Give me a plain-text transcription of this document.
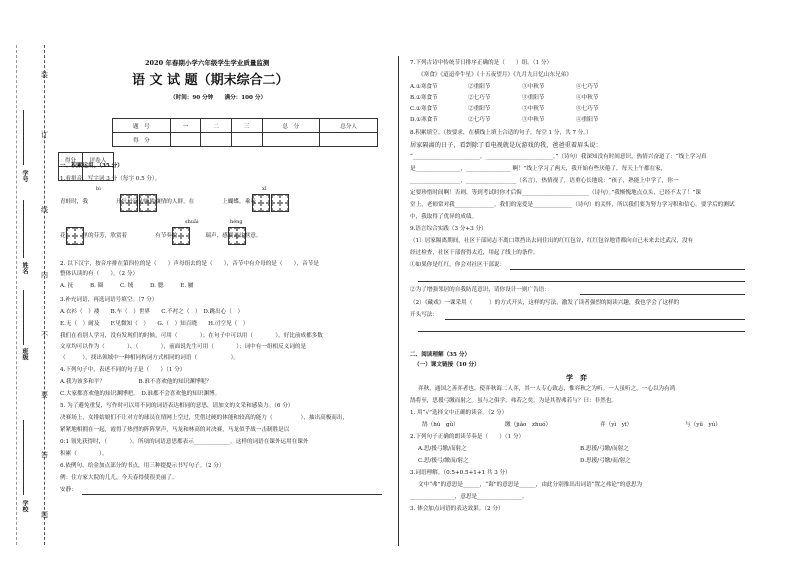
装
订
线
内
不
要
答
题
学号
姓名
班级
学校
2020 年春期小学六年级学生学业质量监测
语 文 试 题（期末综合二）
（时间：90 分钟　　满分：100 分）
题　号	一	二	三	总　分	总分人
得　分					
得分	评卷人

一、积累运用。（35 分）
1.看拼音，写字词 3 分（每字 0.5 分）。
bì	xī
青蛙时，我　　　　　开壮丹滴边厥熊镶情的人群，在　　　　　上蝴蝶，乘着
shuāi	héng
花　　　里的芬芳，欣赏着　　　　　有节奏的　　　　　瑞声，感到无比惬意。
2. 以下汉字，按音序排在第四位的是（　　）声母组去的是（　　），音节中有介母的是（　　），音节是
整体认读的有（　　）。（2 分）
A. 抚　　　B. 圈　　　C. 绒　　　D. 腮　　　E. 屬
3.补充词语，再选词语号填空。（7 分）
A.衣衫（　）褛　　B.车（　）世界　　C.不衬之（　）　D.跳出心（　）
E.无（　）耐及　　F.见微知（　）　　G.（　）知百晓　　H.司空见（　）
我们在看别人学习，没有发现们的时候，可用（　　　　）；在句子中可以用（　　　　），好比前成都多数
文章均可以作为（　　　　）、（　　　　），前面说先生可用（　　　　）；词中有一组相反义词的是
（　　　），找出领域中一种相同构词方式相同的词语（　　　　　　）。
4.下列句子中，表述不同的句子是（　　）（1 分）
A.我为该多和平？　　　　　　B.谁不喜欢他的知识渊博呢？
C.大家都喜欢他的知识渊博吧。　D.谁都不会喜欢他的知识渊博。
5. 为了避免重复，写作时可以用不同的词语表达相同的意思，请加文的文采和感染力。（6 分）
决赛场上，女排姑娘们不让对方的球员在情网上空过，凭借过硬的体能和较高的能力（　　　　　），抽出高极而出，
紧紧地相拥在一起，霞得了热烈的阵阵掌声，马龙和林高的对决赛，马龙似乎战一击制胜是以
0:1 领先获得时，（　　　　）。所项的词语意思都表示_____________。这样的词语在课外运用在课外
积累（　　　　）。
6.依例句，给金加点部分的书点，用三种提提示书写句子。（2 分）
例：住方家大院的儿儿，今天春得使很美丽了。
安静：
7.下列古诗中传统节日排序正确的是（　　）组。（1 分）
《寒食》《迢迢牵牛星》《十五夜望月》《九月九日忆山东兄弟》
A.①寒食节	②重阳节	③中秋节	④七巧节
B.①寒食节	②七巧节	③重阳节	④中秋节
C.①寒食节	②重阳节	③中秋节	④七巧节
D.①寒食节	②七巧节	③中秋节	④重阳节
8.积累填空。（按要求，在横线上填上合适的句子。每空 1 分，共 7 分。）
居家隔离的日子，看到除了看电视就是玩游戏的我，爸爸重着眉头说：
“________________________，________________________。”（诗句）我深知没有时间意识，热情兴奋道了：“线上学习真
是________________，________________ 啊！”线上学习了两天，我开始有些厌倦了，每天上午都在家，
__________________，__________________（名言），热情视了，语重心长地说：“孩子，熟能上中学了，你一
定要珍惜时间啊！否则，等到考试时你才后悔________________________（诗句）。”我惭愧地点点头，已经不太了！”课
堂上，老师常对我______________。我们的宠爱是______________（诗句）的关怀，所以我们要为努力学习积和信心。要学后的测试
中，我取得了优异的成绩。
9.语言综合实践（3 分+3 分）
（1）居家隔离期间，社区干部同志不离口罩挡出去同住出的红红包谷，红红包谷地背都向自己未来去过武汉，没有
经过检查，社区干部督得太近，用起了线上的条件。
①如果你是红红，你会对社区干部说：
②为了增强邻居的自我防范意识，请你设计一则广告语：
（2）《藏戏》一课采用（　　　）的方式开头，这样的写法，激发了读者强烈的阅读兴趣，我也学会了这样的
开头写法：
二、阅读理解（35 分）
（一）课文链接（10 分）
学　弈
弈秋，通国之善弈者也。使弈秋诲二人弈，其一人专心致志，惟弈秋之为听。一人虽听之，一心以为有鸿
鹄将至，思援弓缴而射之。虽与之俱学，弗若之矣。为是其智弗若与？曰：非然也。
1. 用“√”选择文中正确的读音。（2 分）
鹄（hú　gǔ）	缴（jiǎo　zhuó）	弈（yì　yī）	与（yǔ　yú）
2.下列句子正确的朗读节奏是（　　）（1 分）
A.思/援弓缴/而射之	B.思援/弓缴/而射之
C.思/援弓/缴而/射之	D.思援/弓缴/而/射之
3.词语理解。（0.5+0.5+1+1 共 3 分）
文中“弗”的意思是______，“诲”的意思是______，由此分别推出出词语“置之弗论”的意思为
________________，意思是________________。
3. 体会加点词语的表达效果。（2 分）
